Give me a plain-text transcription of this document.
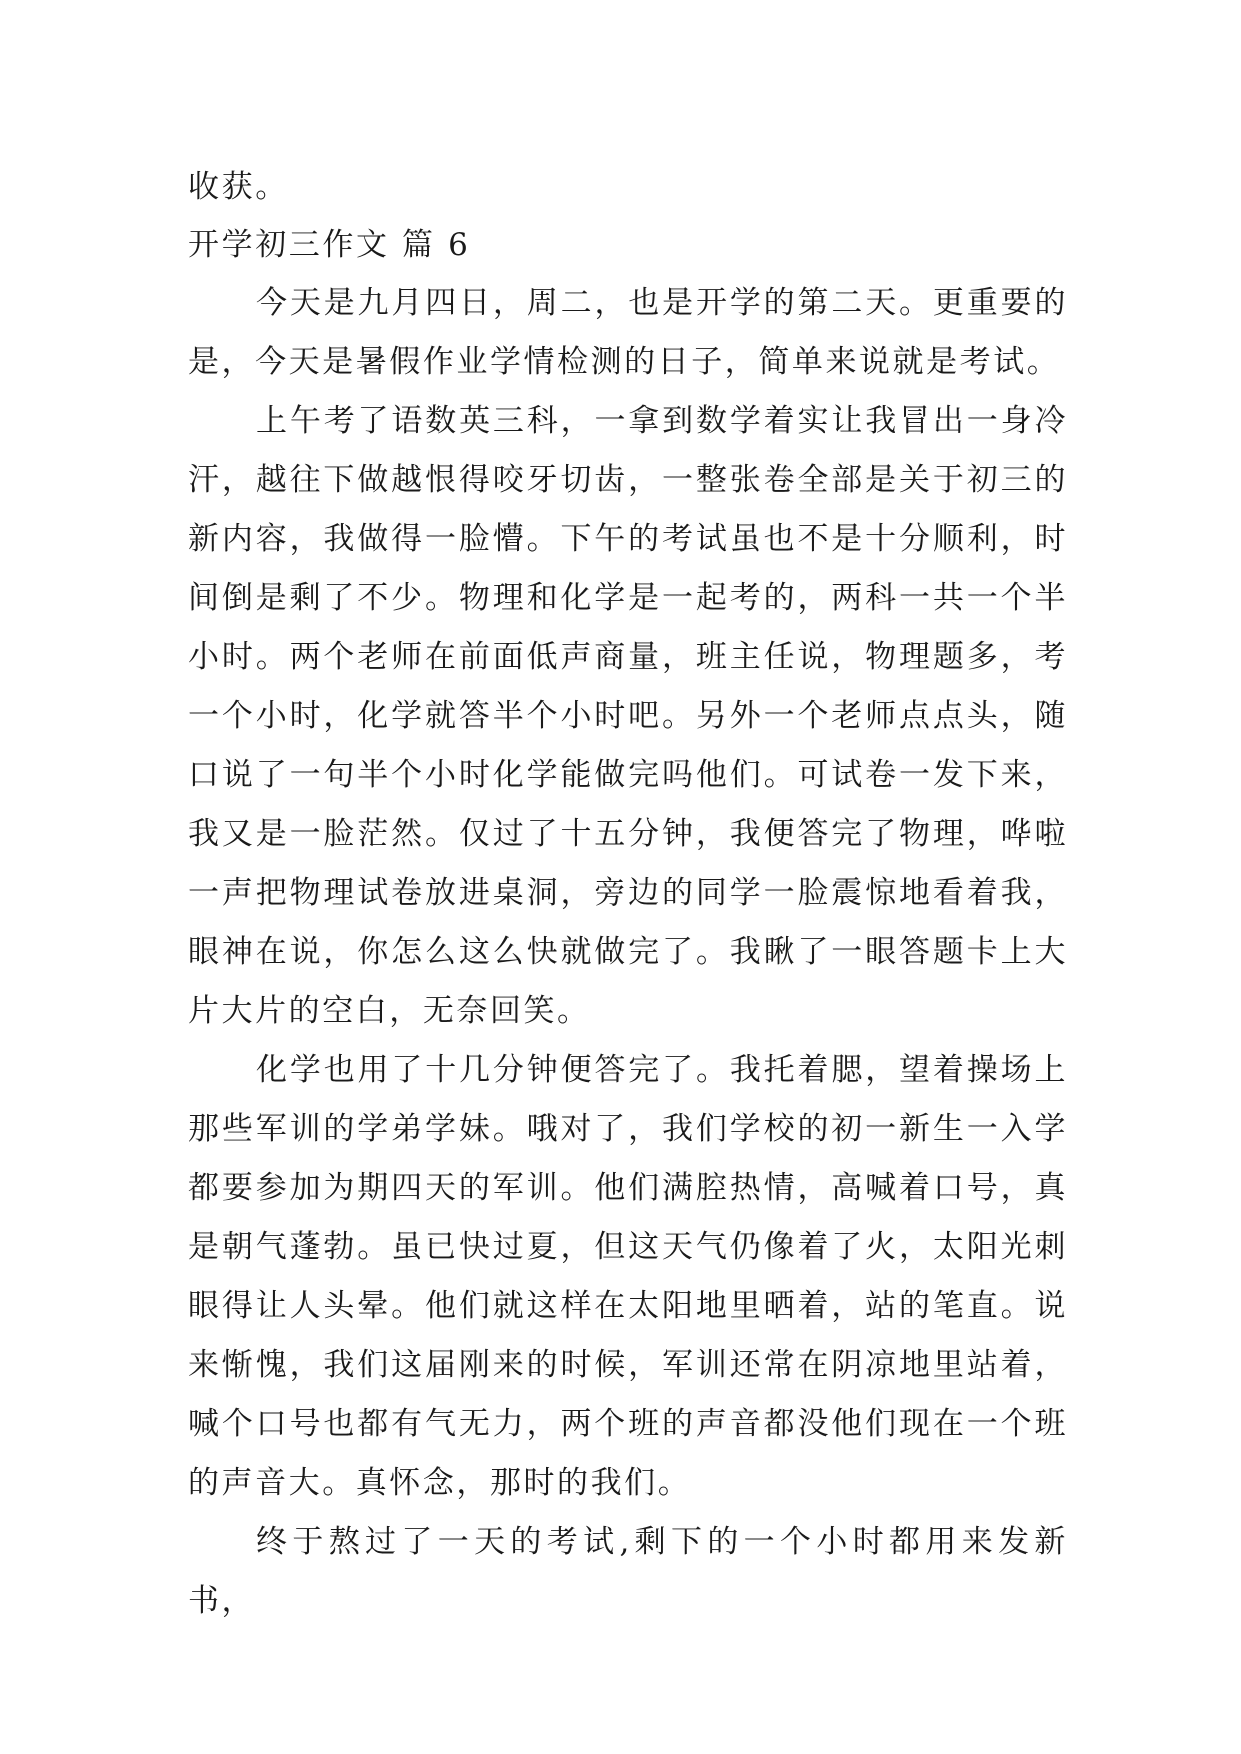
收获。

开学初三作文 篇 6

今天是九月四日，周二，也是开学的第二天。更重要的是，今天是暑假作业学情检测的日子，简单来说就是考试。

上午考了语数英三科，一拿到数学着实让我冒出一身冷汗，越往下做越恨得咬牙切齿，一整张卷全部是关于初三的新内容，我做得一脸懵。下午的考试虽也不是十分顺利，时间倒是剩了不少。物理和化学是一起考的，两科一共一个半小时。两个老师在前面低声商量，班主任说，物理题多，考一个小时，化学就答半个小时吧。另外一个老师点点头，随口说了一句半个小时化学能做完吗他们。可试卷一发下来，我又是一脸茫然。仅过了十五分钟，我便答完了物理，哗啦一声把物理试卷放进桌洞，旁边的同学一脸震惊地看着我，眼神在说，你怎么这么快就做完了。我瞅了一眼答题卡上大片大片的空白，无奈回笑。

化学也用了十几分钟便答完了。我托着腮，望着操场上那些军训的学弟学妹。哦对了，我们学校的初一新生一入学都要参加为期四天的军训。他们满腔热情，高喊着口号，真是朝气蓬勃。虽已快过夏，但这天气仍像着了火，太阳光刺眼得让人头晕。他们就这样在太阳地里晒着，站的笔直。说来惭愧，我们这届刚来的时候，军训还常在阴凉地里站着，喊个口号也都有气无力，两个班的声音都没他们现在一个班的声音大。真怀念，那时的我们。

终于熬过了一天的考试,剩下的一个小时都用来发新书，
